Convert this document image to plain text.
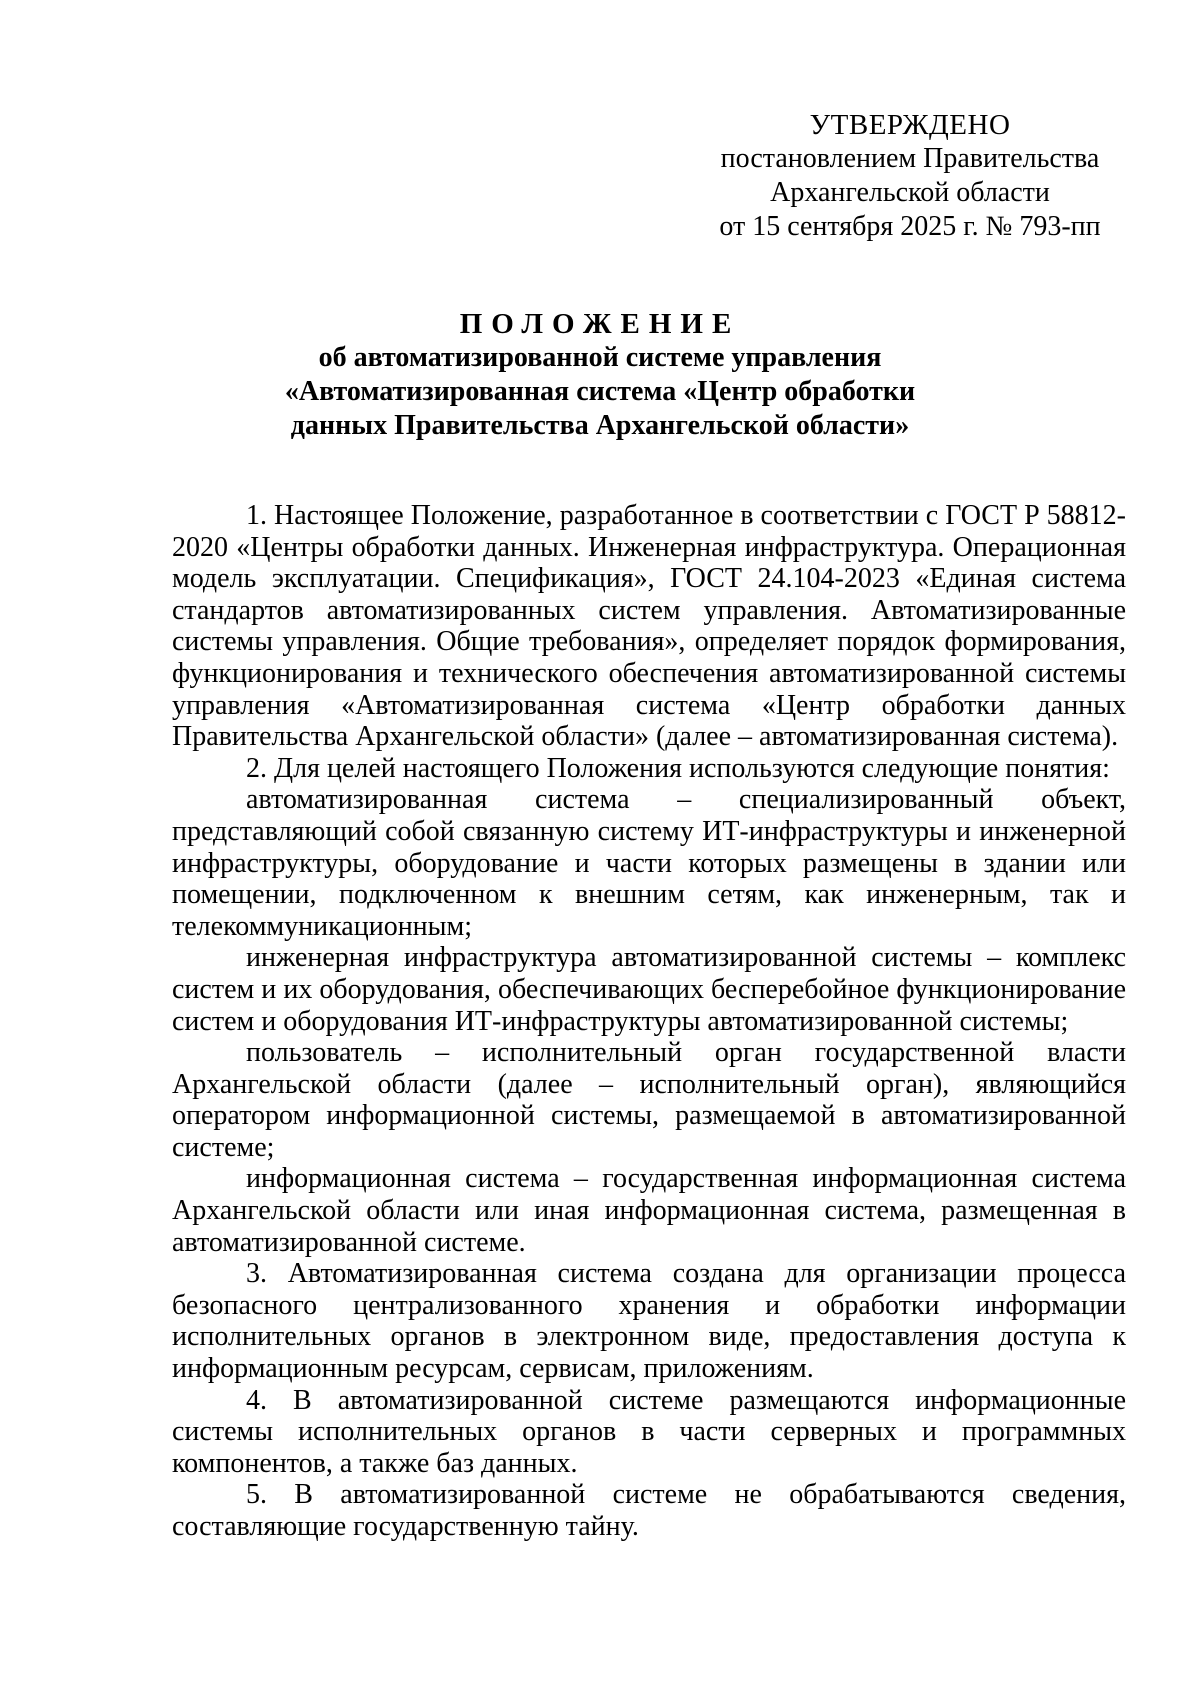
УТВЕРЖДЕНО
постановлением Правительства
Архангельской области
от 15 сентября 2025 г. № 793-пп
ПОЛОЖЕНИЕ
об автоматизированной системе управления
«Автоматизированная система «Центр обработки
данных Правительства Архангельской области»

1. Настоящее Положение, разработанное в соответствии с ГОСТ Р 58812-2020 «Центры обработки данных. Инженерная инфраструктура. Операционная модель эксплуатации. Спецификация», ГОСТ 24.104-2023 «Единая система стандартов автоматизированных систем управления. Автоматизированные системы управления. Общие требования», определяет порядок формирования, функционирования и технического обеспечения автоматизированной системы управления «Автоматизированная система «Центр обработки данных Правительства Архангельской области» (далее – автоматизированная система).

2. Для целей настоящего Положения используются следующие понятия:

автоматизированная система – специализированный объект, представляющий собой связанную систему ИТ-инфраструктуры и инженерной инфраструктуры, оборудование и части которых размещены в здании или помещении, подключенном к внешним сетям, как инженерным, так и телекоммуникационным;

инженерная инфраструктура автоматизированной системы – комплекс систем и их оборудования, обеспечивающих бесперебойное функционирование систем и оборудования ИТ-инфраструктуры автоматизированной системы;

пользователь – исполнительный орган государственной власти Архангельской области (далее – исполнительный орган), являющийся оператором информационной системы, размещаемой в автоматизированной системе;

информационная система – государственная информационная система Архангельской области или иная информационная система, размещенная в автоматизированной системе.

3. Автоматизированная система создана для организации процесса безопасного централизованного хранения и обработки информации исполнительных органов в электронном виде, предоставления доступа к информационным ресурсам, сервисам, приложениям.

4. В автоматизированной системе размещаются информационные системы исполнительных органов в части серверных и программных компонентов, а также баз данных.

5. В автоматизированной системе не обрабатываются сведения, составляющие государственную тайну.
